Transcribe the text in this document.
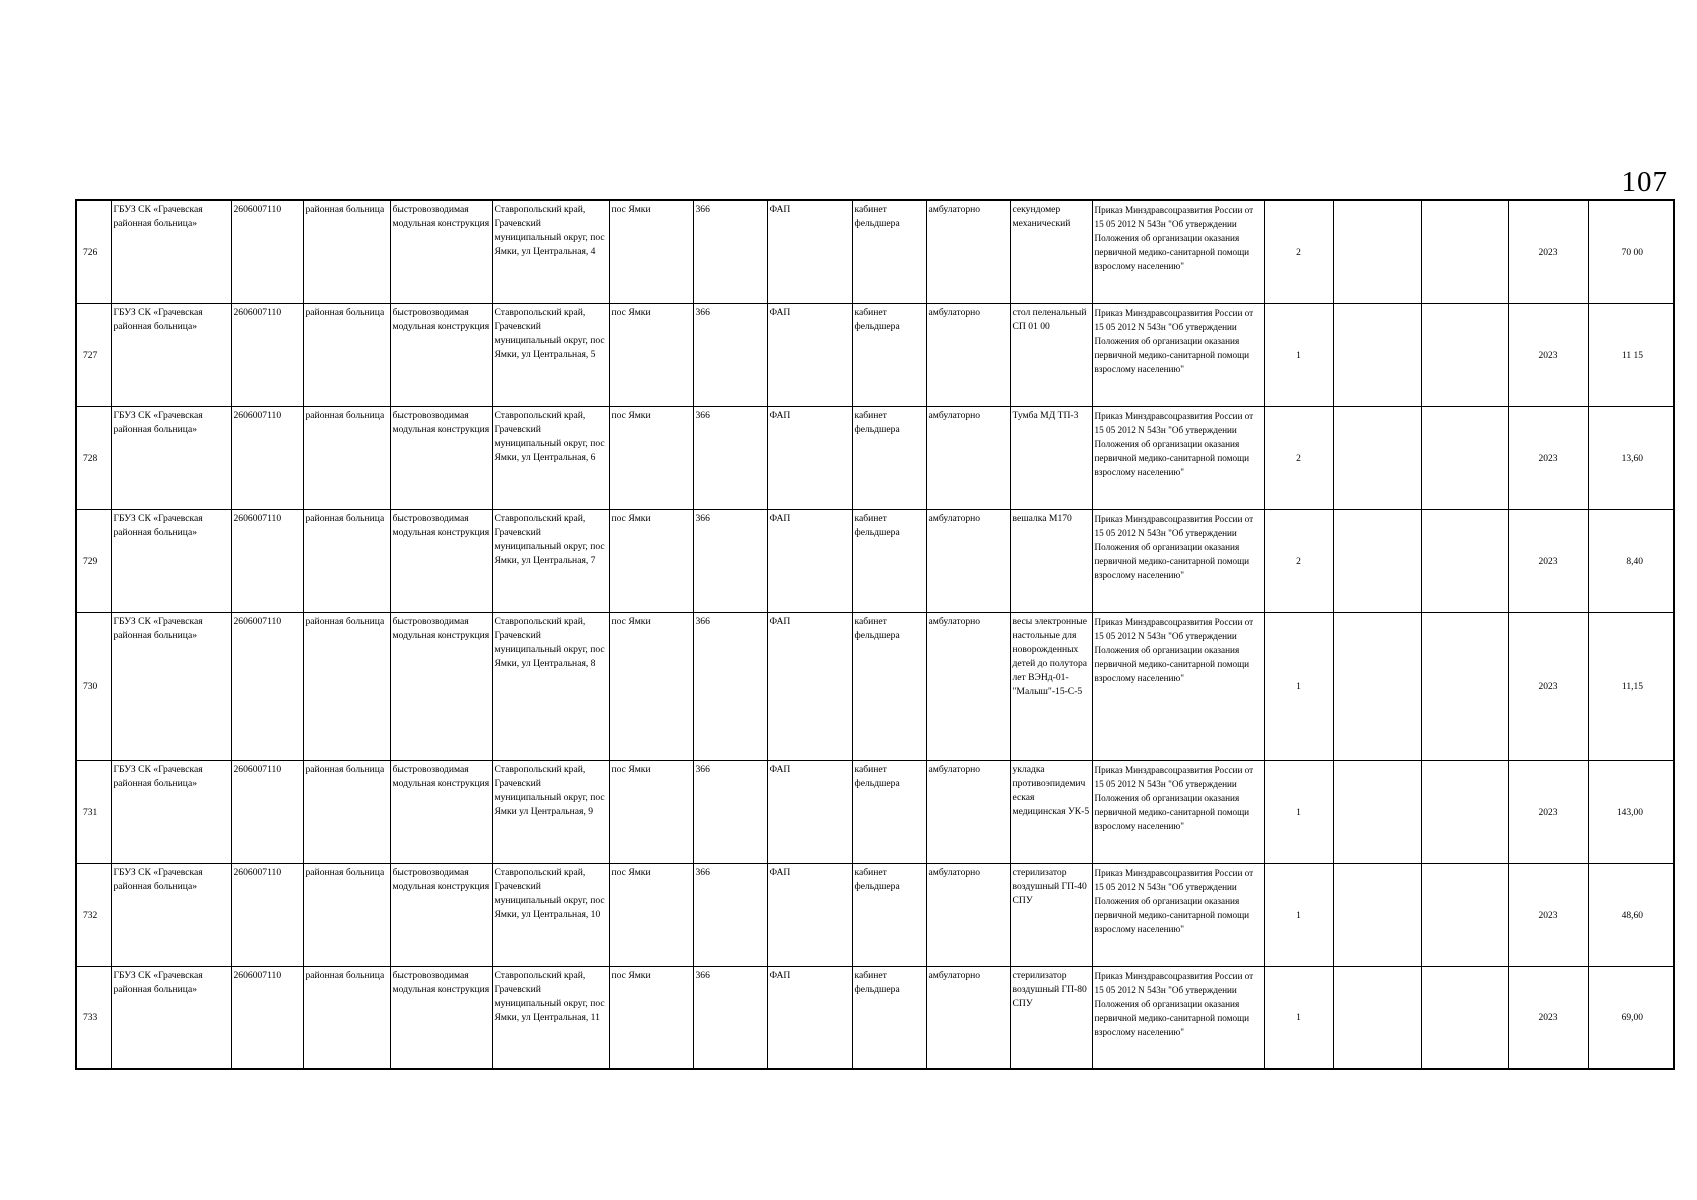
107
726	ГБУЗ СК «Грачевская районная больница»	2606007110	районная больница	быстровозводимая модульная конструкция	Ставропольский край, Грачевский муниципальный округ, пос Ямки, ул Центральная, 4	пос Ямки	366	ФАП	кабинет фельдшера	амбулаторно	секундомер механический	Приказ Минздравсоцразвития России от 15 05 2012 N 543н "Об утверждении Положения об организации оказания первичной медико-санитарной помощи взрослому населению"	2			2023	70 00
727	ГБУЗ СК «Грачевская районная больница»	2606007110	районная больница	быстровозводимая модульная конструкция	Ставропольский край, Грачевский муниципальный округ, пос Ямки, ул Центральная, 5	пос Ямки	366	ФАП	кабинет фельдшера	амбулаторно	стол пеленальный СП 01 00	Приказ Минздравсоцразвития России от 15 05 2012 N 543н "Об утверждении Положения об организации оказания первичной медико-санитарной помощи взрослому населению"	1			2023	11 15
728	ГБУЗ СК «Грачевская районная больница»	2606007110	районная больница	быстровозводимая модульная конструкция	Ставропольский край, Грачевский муниципальный округ, пос Ямки, ул Центральная, 6	пос Ямки	366	ФАП	кабинет фельдшера	амбулаторно	Тумба МД ТП-3	Приказ Минздравсоцразвития России от 15 05 2012 N 543н "Об утверждении Положения об организации оказания первичной медико-санитарной помощи взрослому населению"	2			2023	13,60
729	ГБУЗ СК «Грачевская районная больница»	2606007110	районная больница	быстровозводимая модульная конструкция	Ставропольский край, Грачевский муниципальный округ, пос Ямки, ул Центральная, 7	пос Ямки	366	ФАП	кабинет фельдшера	амбулаторно	вешалка М170	Приказ Минздравсоцразвития России от 15 05 2012 N 543н "Об утверждении Положения об организации оказания первичной медико-санитарной помощи взрослому населению"	2			2023	8,40
730	ГБУЗ СК «Грачевская районная больница»	2606007110	районная больница	быстровозводимая модульная конструкция	Ставропольский край, Грачевский муниципальный округ, пос Ямки, ул Центральная, 8	пос Ямки	366	ФАП	кабинет фельдшера	амбулаторно	весы электронные настольные для новорожденных детей до полутора лет ВЭНд-01-"Малыш"-15-С-5	Приказ Минздравсоцразвития России от 15 05 2012 N 543н "Об утверждении Положения об организации оказания первичной медико-санитарной помощи взрослому населению"	1			2023	11,15
731	ГБУЗ СК «Грачевская районная больница»	2606007110	районная больница	быстровозводимая модульная конструкция	Ставропольский край, Грачевский муниципальный округ, пос Ямки ул Центральная, 9	пос Ямки	366	ФАП	кабинет фельдшера	амбулаторно	укладка противоэпидемическая медицинская УК-5	Приказ Минздравсоцразвития России от 15 05 2012 N 543н "Об утверждении Положения об организации оказания первичной медико-санитарной помощи взрослому населению"	1			2023	143,00
732	ГБУЗ СК «Грачевская районная больница»	2606007110	районная больница	быстровозводимая модульная конструкция	Ставропольский край, Грачевский муниципальный округ, пос Ямки, ул Центральная, 10	пос Ямки	366	ФАП	кабинет фельдшера	амбулаторно	стерилизатор воздушный ГП-40 СПУ	Приказ Минздравсоцразвития России от 15 05 2012 N 543н "Об утверждении Положения об организации оказания первичной медико-санитарной помощи взрослому населению"	1			2023	48,60
733	ГБУЗ СК «Грачевская районная больница»	2606007110	районная больница	быстровозводимая модульная конструкция	Ставропольский край, Грачевский муниципальный округ, пос Ямки, ул Центральная, 11	пос Ямки	366	ФАП	кабинет фельдшера	амбулаторно	стерилизатор воздушный ГП-80 СПУ	Приказ Минздравсоцразвития России от 15 05 2012 N 543н "Об утверждении Положения об организации оказания первичной медико-санитарной помощи взрослому населению"	1			2023	69,00
